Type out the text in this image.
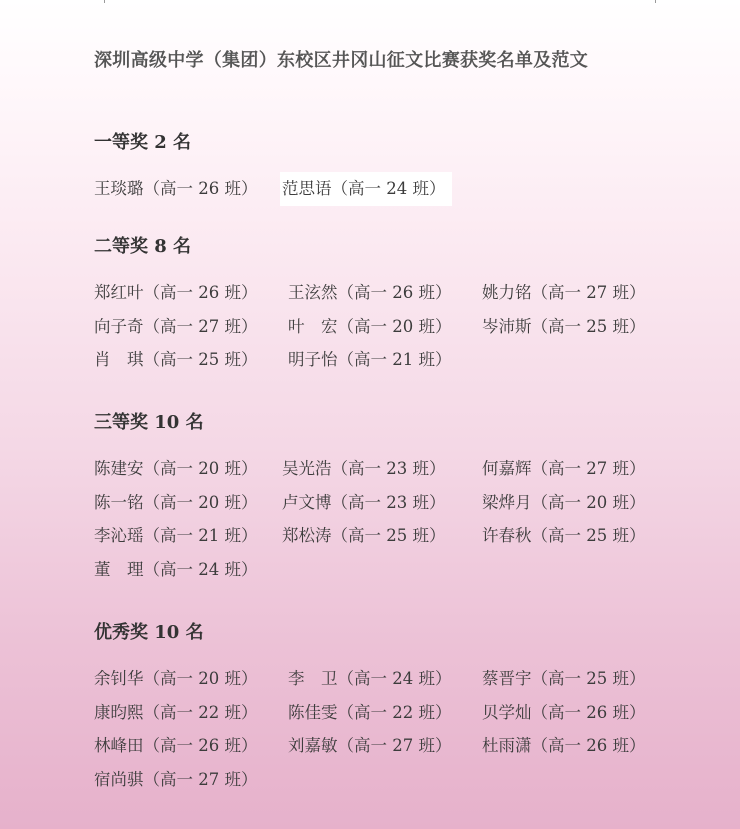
深圳高级中学（集团）东校区井冈山征文比赛获奖名单及范文
一等奖 2 名
王琰璐（高一 26 班） 范思语（高一 24 班）
二等奖 8 名
郑红叶（高一 26 班） 王泫然（高一 26 班） 姚力铭（高一 27 班）
向子奇（高一 27 班） 叶　宏（高一 20 班） 岑沛斯（高一 25 班）
肖　琪（高一 25 班） 明子怡（高一 21 班）
三等奖 10 名
陈建安（高一 20 班） 吴光浩（高一 23 班） 何嘉辉（高一 27 班）
陈一铭（高一 20 班） 卢文博（高一 23 班） 梁烨月（高一 20 班）
李沁瑶（高一 21 班） 郑松涛（高一 25 班） 许春秋（高一 25 班）
董　理（高一 24 班）
优秀奖 10 名
余钊华（高一 20 班） 李　卫（高一 24 班） 蔡晋宇（高一 25 班）
康昀熙（高一 22 班） 陈佳雯（高一 22 班） 贝学灿（高一 26 班）
林峰田（高一 26 班） 刘嘉敏（高一 27 班） 杜雨潇（高一 26 班）
宿尚骐（高一 27 班）
